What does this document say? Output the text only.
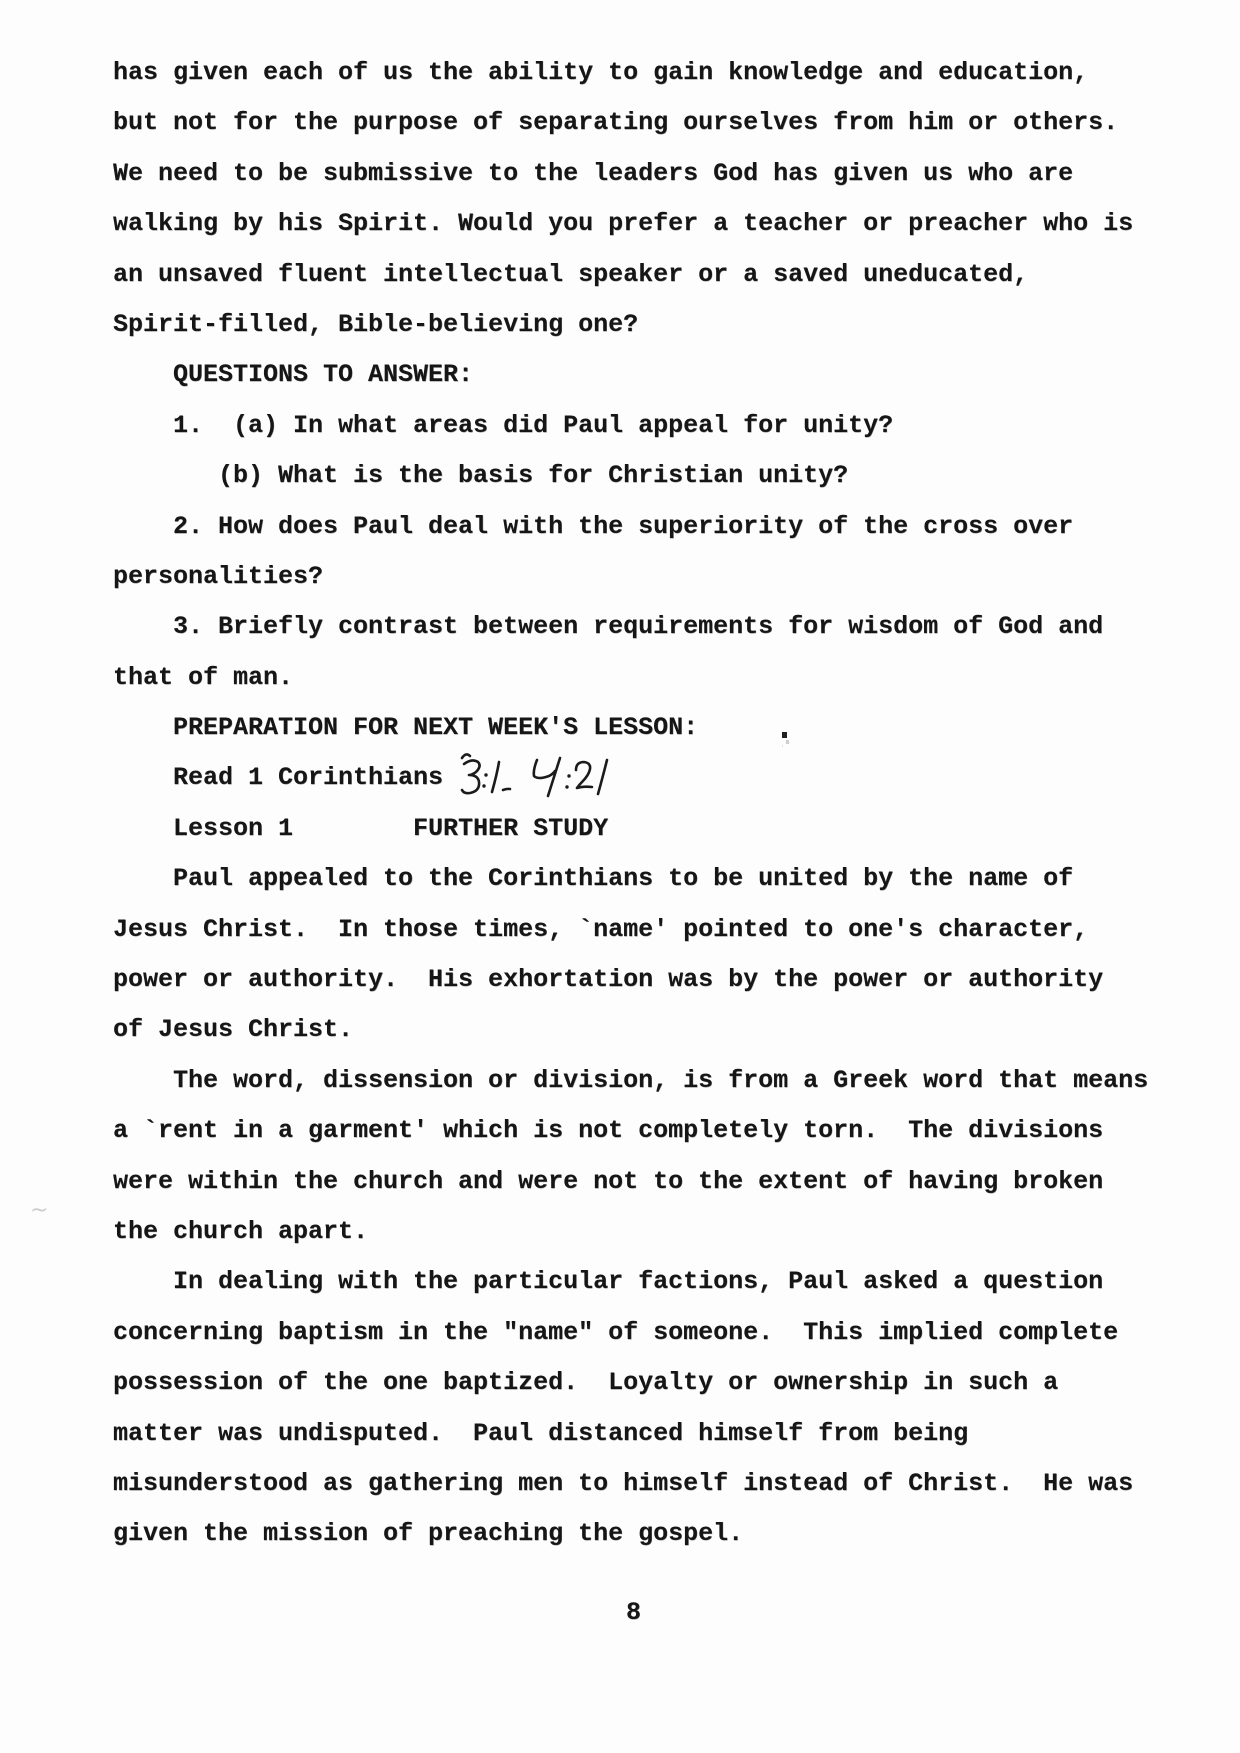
has given each of us the ability to gain knowledge and education,
but not for the purpose of separating ourselves from him or others.
We need to be submissive to the leaders God has given us who are
walking by his Spirit. Would you prefer a teacher or preacher who is
an unsaved fluent intellectual speaker or a saved uneducated,
Spirit-filled, Bible-believing one?
QUESTIONS TO ANSWER:
1.  (a) In what areas did Paul appeal for unity?
(b) What is the basis for Christian unity?
2. How does Paul deal with the superiority of the cross over
personalities?
3. Briefly contrast between requirements for wisdom of God and
that of man.
PREPARATION FOR NEXT WEEK'S LESSON:
Read 1 Corinthians
Lesson 1        FURTHER STUDY
Paul appealed to the Corinthians to be united by the name of
Jesus Christ.  In those times, `name' pointed to one's character,
power or authority.  His exhortation was by the power or authority
of Jesus Christ.
The word, dissension or division, is from a Greek word that means
a `rent in a garment' which is not completely torn.  The divisions
were within the church and were not to the extent of having broken
the church apart.
In dealing with the particular factions, Paul asked a question
concerning baptism in the "name" of someone.  This implied complete
possession of the one baptized.  Loyalty or ownership in such a
matter was undisputed.  Paul distanced himself from being
misunderstood as gathering men to himself instead of Christ.  He was
given the mission of preaching the gospel.
~
8
